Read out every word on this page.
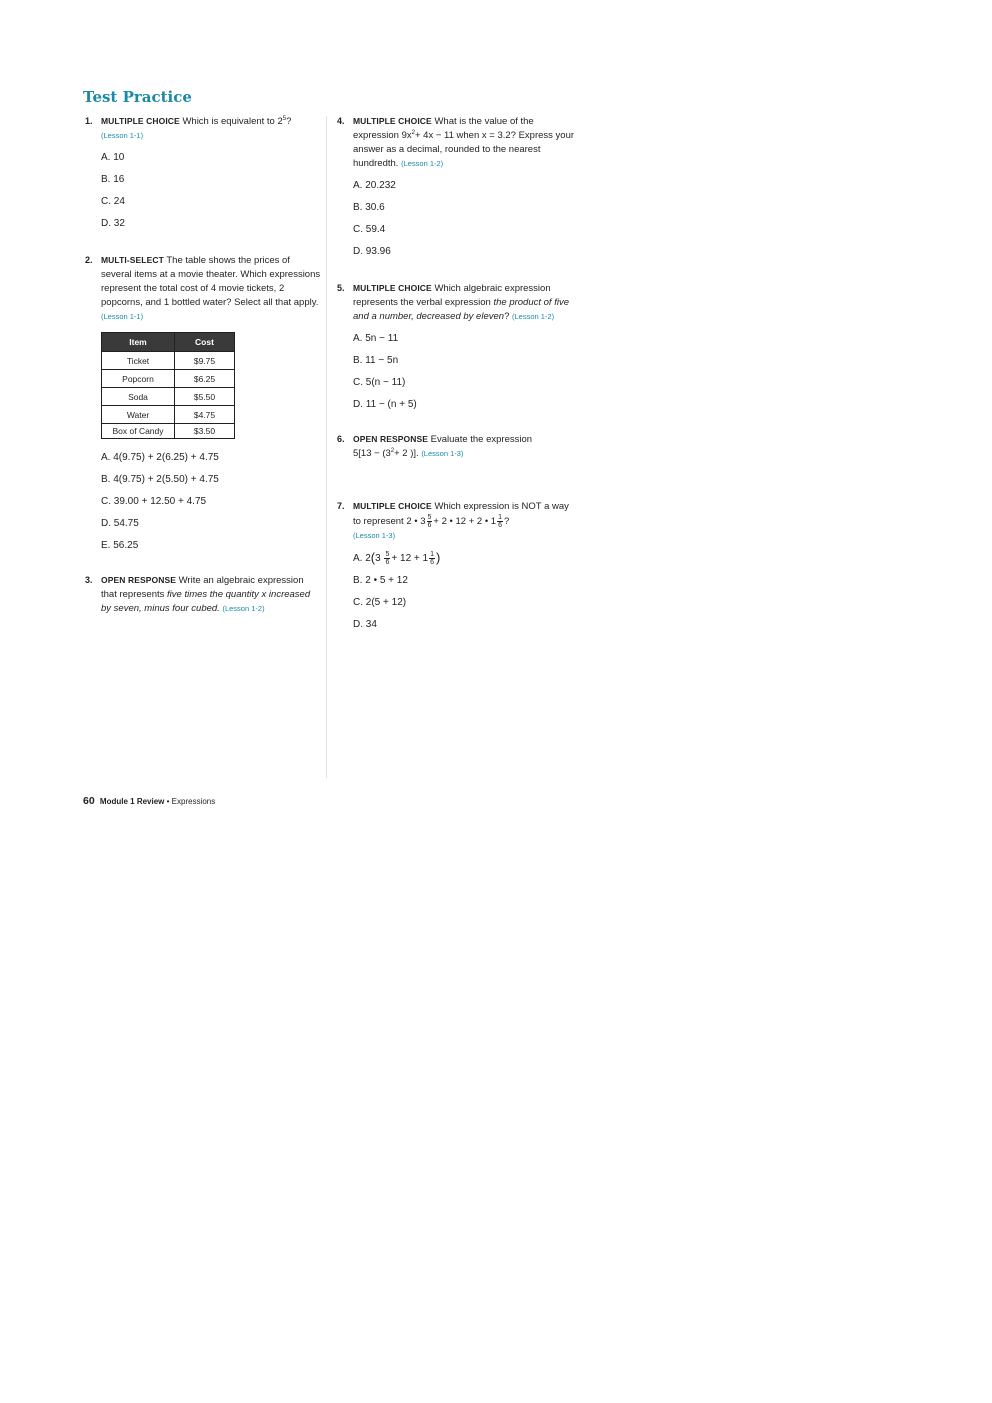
Test Practice
1. MULTIPLE CHOICE Which is equivalent to $2^5$?
(Lesson 1-1)
A. 10
B. 16
C. 24
D. 32
2. MULTI-SELECT The table shows the prices of several items at a movie theater. Which expressions represent the total cost of 4 movie tickets, 2 popcorns, and 1 bottled water? Select all that apply. (Lesson 1-1)
Item	Cost
Ticket	$9.75
Popcorn	$6.25
Soda	$5.50
Water	$4.75
Box of Candy	$3.50
A. 4(9.75) + 2(6.25) + 4.75
B. 4(9.75) + 2(5.50) + 4.75
C. 39.00 + 12.50 + 4.75
D. 54.75
E. 56.25
3. OPEN RESPONSE Write an algebraic expression that represents five times the quantity x increased by seven, minus four cubed. (Lesson 1-2)
4. MULTIPLE CHOICE What is the value of the expression $9x^2+ 4x - 11$ when x = 3.2? Express your answer as a decimal, rounded to the nearest hundredth. (Lesson 1-2)
A. 20.232
B. 30.6
C. 59.4
D. 93.96
5. MULTIPLE CHOICE Which algebraic expression represents the verbal expression the product of five and a number, decreased by eleven? (Lesson 1-2)
A. 5n − 11
B. 11 − 5n
C. 5(n − 11)
D. 11 − (n + 5)
6. OPEN RESPONSE Evaluate the expression
$5[13 - (3^2+ 2$ )]. (Lesson 1-3)
7. MULTIPLE CHOICE Which expression is NOT a way to represent 2 • $3 \frac{5}{6} + 2$ • 12 + 2 • $1 \frac{1}{6}$ ?
(Lesson 1-3)
A. $2(3 \frac{5}{6} + 12 + 1 \frac{1}{6}$ )
B. 2 • 5 + 12
C. 2(5 + 12)
D. 34
60 Module 1 Review • Expressions
